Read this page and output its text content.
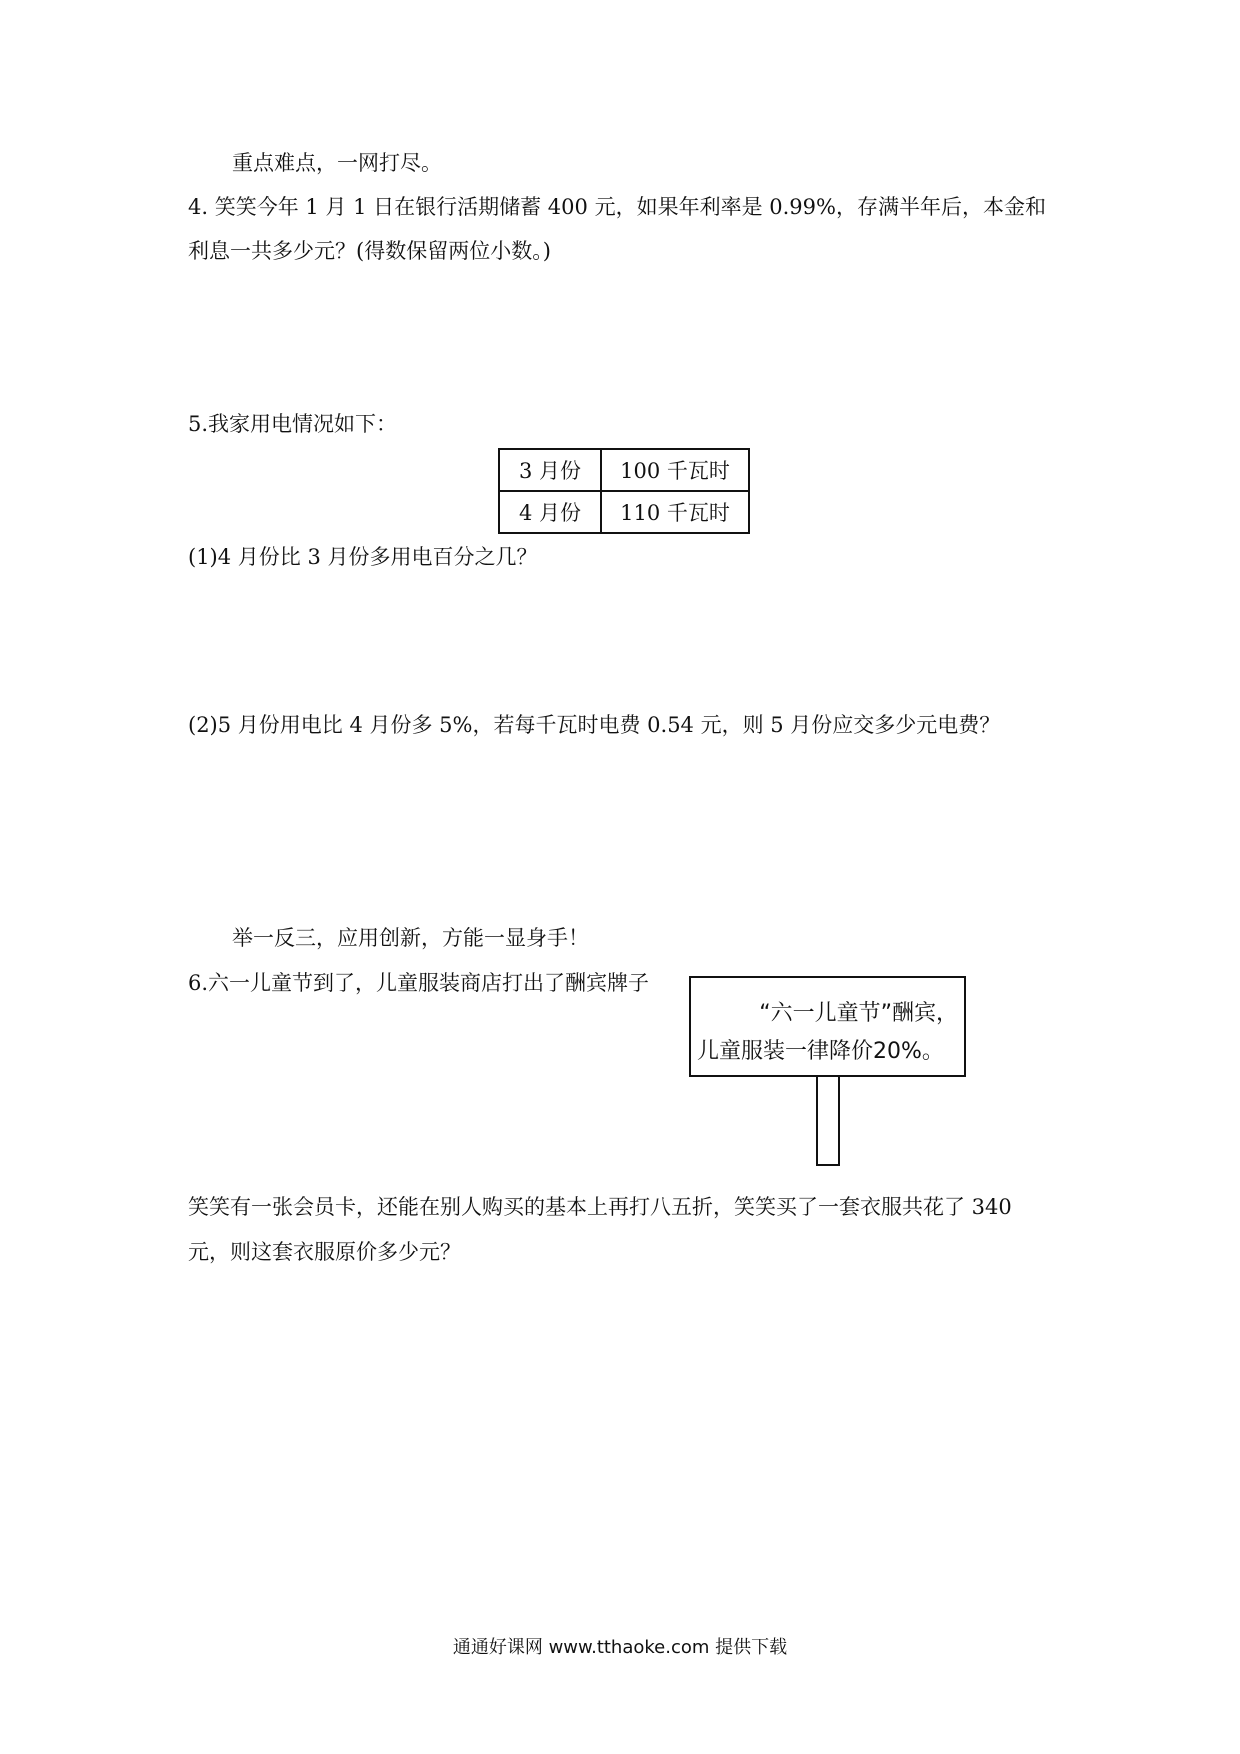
重点难点，一网打尽。
4. 笑笑今年 1 月 1 日在银行活期储蓄 400 元，如果年利率是 0.99%，存满半年后，本金和
利息一共多少元？(得数保留两位小数。)
5.我家用电情况如下：
3 月份	100 千瓦时
4 月份	110 千瓦时
(1)4 月份比 3 月份多用电百分之几？
(2)5 月份用电比 4 月份多 5%，若每千瓦时电费 0.54 元，则 5 月份应交多少元电费？
举一反三，应用创新，方能一显身手！
6.六一儿童节到了，儿童服装商店打出了酬宾牌子
“六一儿童节”酬宾，
儿童服装一律降价20%。
笑笑有一张会员卡，还能在别人购买的基本上再打八五折，笑笑买了一套衣服共花了 340
元，则这套衣服原价多少元？
通通好课网 www.tthaoke.com 提供下载
